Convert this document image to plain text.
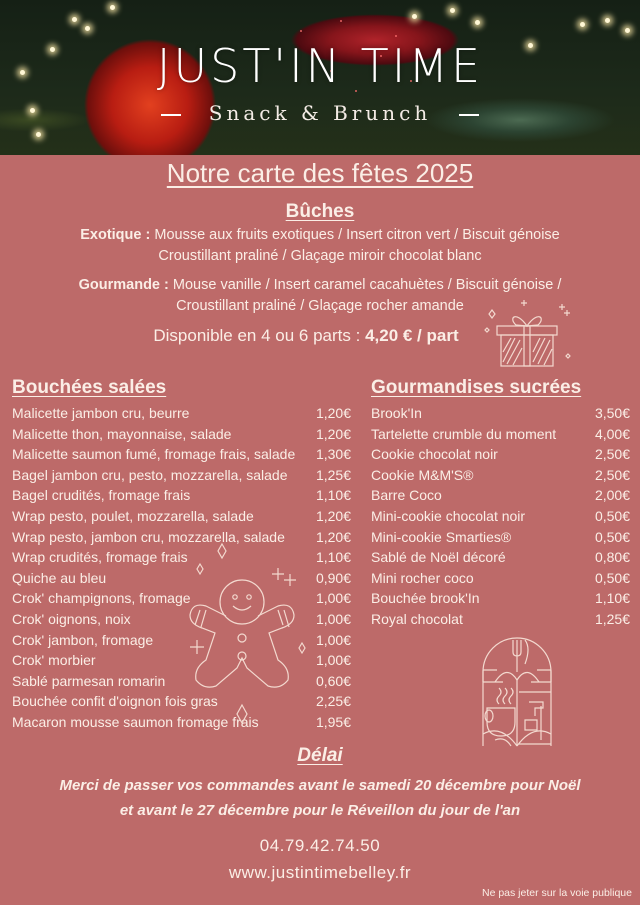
JUST'IN TIME
Snack & Brunch
Notre carte des fêtes 2025
Bûches
Exotique : Mousse aux fruits exotiques / Insert citron vert / Biscuit génoise
Croustillant praliné / Glaçage miroir chocolat blanc
Gourmande : Mouse vanille / Insert caramel cacahuètes / Biscuit génoise /
Croustillant praliné / Glaçage rocher amande
Disponible en 4 ou 6 parts : 4,20 € / part
Bouchées salées
Malicette jambon cru, beurre	1,20€
Malicette thon, mayonnaise, salade	1,20€
Malicette saumon fumé, fromage frais, salade 1,30€
Bagel jambon cru, pesto, mozzarella, salade 1,25€
Bagel crudités, fromage frais	1,10€
Wrap pesto, poulet, mozzarella, salade	1,20€
Wrap pesto, jambon cru, mozzarella, salade 1,20€
Wrap crudités, fromage frais	1,10€
Quiche au bleu	0,90€
Crok' champignons, fromage	1,00€
Crok' oignons, noix	1,00€
Crok' jambon, fromage	1,00€
Crok' morbier	1,00€
Sablé parmesan romarin	0,60€
Bouchée confit d'oignon fois gras	2,25€
Macaron mousse saumon fromage frais	1,95€
Gourmandises sucrées
Brook'In	3,50€
Tartelette crumble du moment	4,00€
Cookie chocolat noir	2,50€
Cookie M&M'S®	2,50€
Barre Coco	2,00€
Mini-cookie chocolat noir	0,50€
Mini-cookie Smarties®	0,50€
Sablé de Noël décoré	0,80€
Mini rocher coco	0,50€
Bouchée brook'In	1,10€
Royal chocolat	1,25€
Délai
Merci de passer vos commandes avant le samedi 20 décembre pour Noël
et avant le 27 décembre pour le Réveillon du jour de l'an
04.79.42.74.50
www.justintimebelley.fr
Ne pas jeter sur la voie publique
